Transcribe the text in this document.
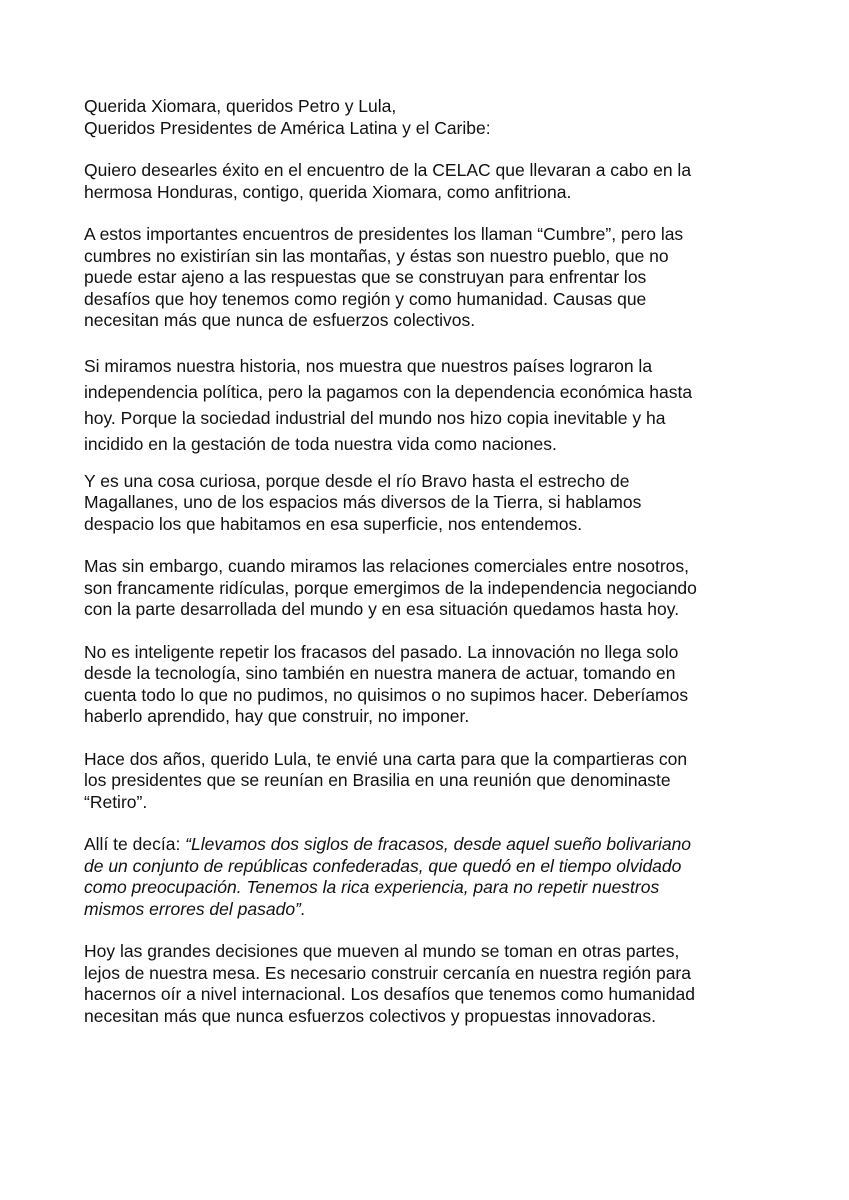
Querida Xiomara, queridos Petro y Lula,
Queridos Presidentes de América Latina y el Caribe:

Quiero desearles éxito en el encuentro de la CELAC que llevaran a cabo en la
hermosa Honduras, contigo, querida Xiomara, como anfitriona.

A estos importantes encuentros de presidentes los llaman “Cumbre”, pero las
cumbres no existirían sin las montañas, y éstas son nuestro pueblo, que no
puede estar ajeno a las respuestas que se construyan para enfrentar los
desafíos que hoy tenemos como región y como humanidad. Causas que
necesitan más que nunca de esfuerzos colectivos.

Si miramos nuestra historia, nos muestra que nuestros países lograron la
independencia política, pero la pagamos con la dependencia económica hasta
hoy. Porque la sociedad industrial del mundo nos hizo copia inevitable y ha
incidido en la gestación de toda nuestra vida como naciones.

Y es una cosa curiosa, porque desde el río Bravo hasta el estrecho de
Magallanes, uno de los espacios más diversos de la Tierra, si hablamos
despacio los que habitamos en esa superficie, nos entendemos.

Mas sin embargo, cuando miramos las relaciones comerciales entre nosotros,
son francamente ridículas, porque emergimos de la independencia negociando
con la parte desarrollada del mundo y en esa situación quedamos hasta hoy.

No es inteligente repetir los fracasos del pasado. La innovación no llega solo
desde la tecnología, sino también en nuestra manera de actuar, tomando en
cuenta todo lo que no pudimos, no quisimos o no supimos hacer. Deberíamos
haberlo aprendido, hay que construir, no imponer.

Hace dos años, querido Lula, te envié una carta para que la compartieras con
los presidentes que se reunían en Brasilia en una reunión que denominaste
“Retiro”.

Allí te decía: “Llevamos dos siglos de fracasos, desde aquel sueño bolivariano
de un conjunto de repúblicas confederadas, que quedó en el tiempo olvidado
como preocupación. Tenemos la rica experiencia, para no repetir nuestros
mismos errores del pasado”.

Hoy las grandes decisiones que mueven al mundo se toman en otras partes,
lejos de nuestra mesa. Es necesario construir cercanía en nuestra región para
hacernos oír a nivel internacional. Los desafíos que tenemos como humanidad
necesitan más que nunca esfuerzos colectivos y propuestas innovadoras.
